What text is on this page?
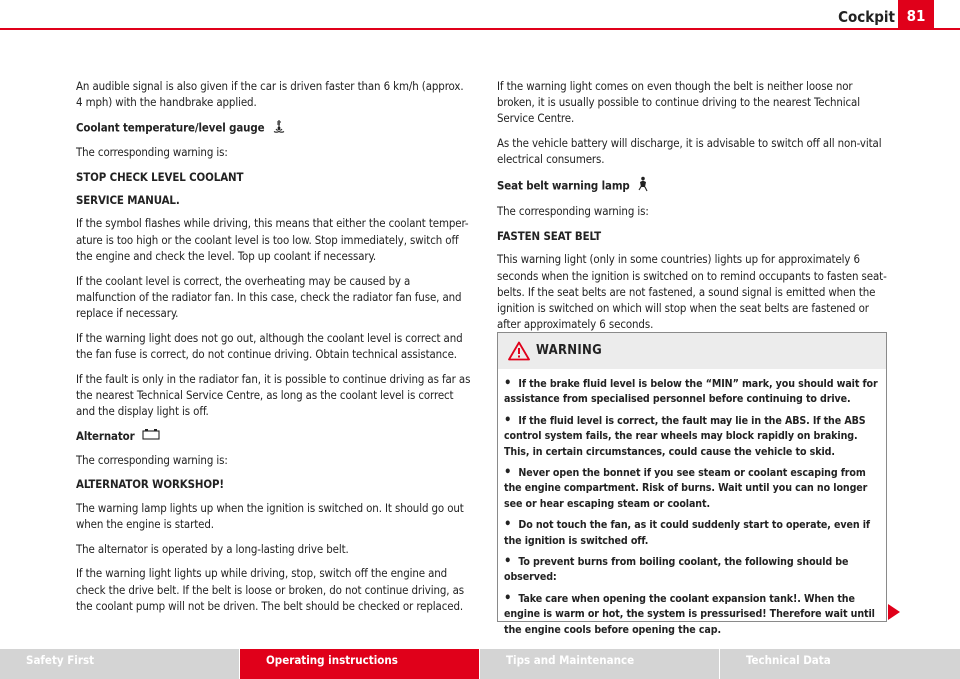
Cockpit 81

An audible signal is also given if the car is driven faster than 6 km/h (approx. 4 mph) with the handbrake applied.

Coolant temperature/level gauge

The corresponding warning is:

STOP CHECK LEVEL COOLANT

SERVICE MANUAL.

If the symbol flashes while driving, this means that either the coolant temper-ature is too high or the coolant level is too low. Stop immediately, switch off the engine and check the level. Top up coolant if necessary.

If the coolant level is correct, the overheating may be caused by a malfunction of the radiator fan. In this case, check the radiator fan fuse, and replace if necessary.

If the warning light does not go out, although the coolant level is correct and the fan fuse is correct, do not continue driving. Obtain technical assistance.

If the fault is only in the radiator fan, it is possible to continue driving as far as the nearest Technical Service Centre, as long as the coolant level is correct and the display light is off.

Alternator

The corresponding warning is:

ALTERNATOR WORKSHOP!

The warning lamp lights up when the ignition is switched on. It should go out when the engine is started.

The alternator is operated by a long-lasting drive belt.

If the warning light lights up while driving, stop, switch off the engine and check the drive belt. If the belt is loose or broken, do not continue driving, as the coolant pump will not be driven. The belt should be checked or replaced.

If the warning light comes on even though the belt is neither loose nor broken, it is usually possible to continue driving to the nearest Technical Service Centre.

As the vehicle battery will discharge, it is advisable to switch off all non-vital electrical consumers.

Seat belt warning lamp

The corresponding warning is:

FASTEN SEAT BELT

This warning light (only in some countries) lights up for approximately 6 seconds when the ignition is switched on to remind occupants to fasten seat-belts. If the seat belts are not fastened, a sound signal is emitted when the ignition is switched on which will stop when the seat belts are fastened or after approximately 6 seconds.

WARNING
• If the brake fluid level is below the “MIN” mark, you should wait for assistance from specialised personnel before continuing to drive.
• If the fluid level is correct, the fault may lie in the ABS. If the ABS control system fails, the rear wheels may block rapidly on braking. This, in certain circumstances, could cause the vehicle to skid.
• Never open the bonnet if you see steam or coolant escaping from the engine compartment. Risk of burns. Wait until you can no longer see or hear escaping steam or coolant.
• Do not touch the fan, as it could suddenly start to operate, even if the ignition is switched off.
• To prevent burns from boiling coolant, the following should be observed:
• Take care when opening the coolant expansion tank!. When the engine is warm or hot, the system is pressurised! Therefore wait until the engine cools before opening the cap.
Safety First	Operating instructions	Tips and Maintenance	Technical Data
